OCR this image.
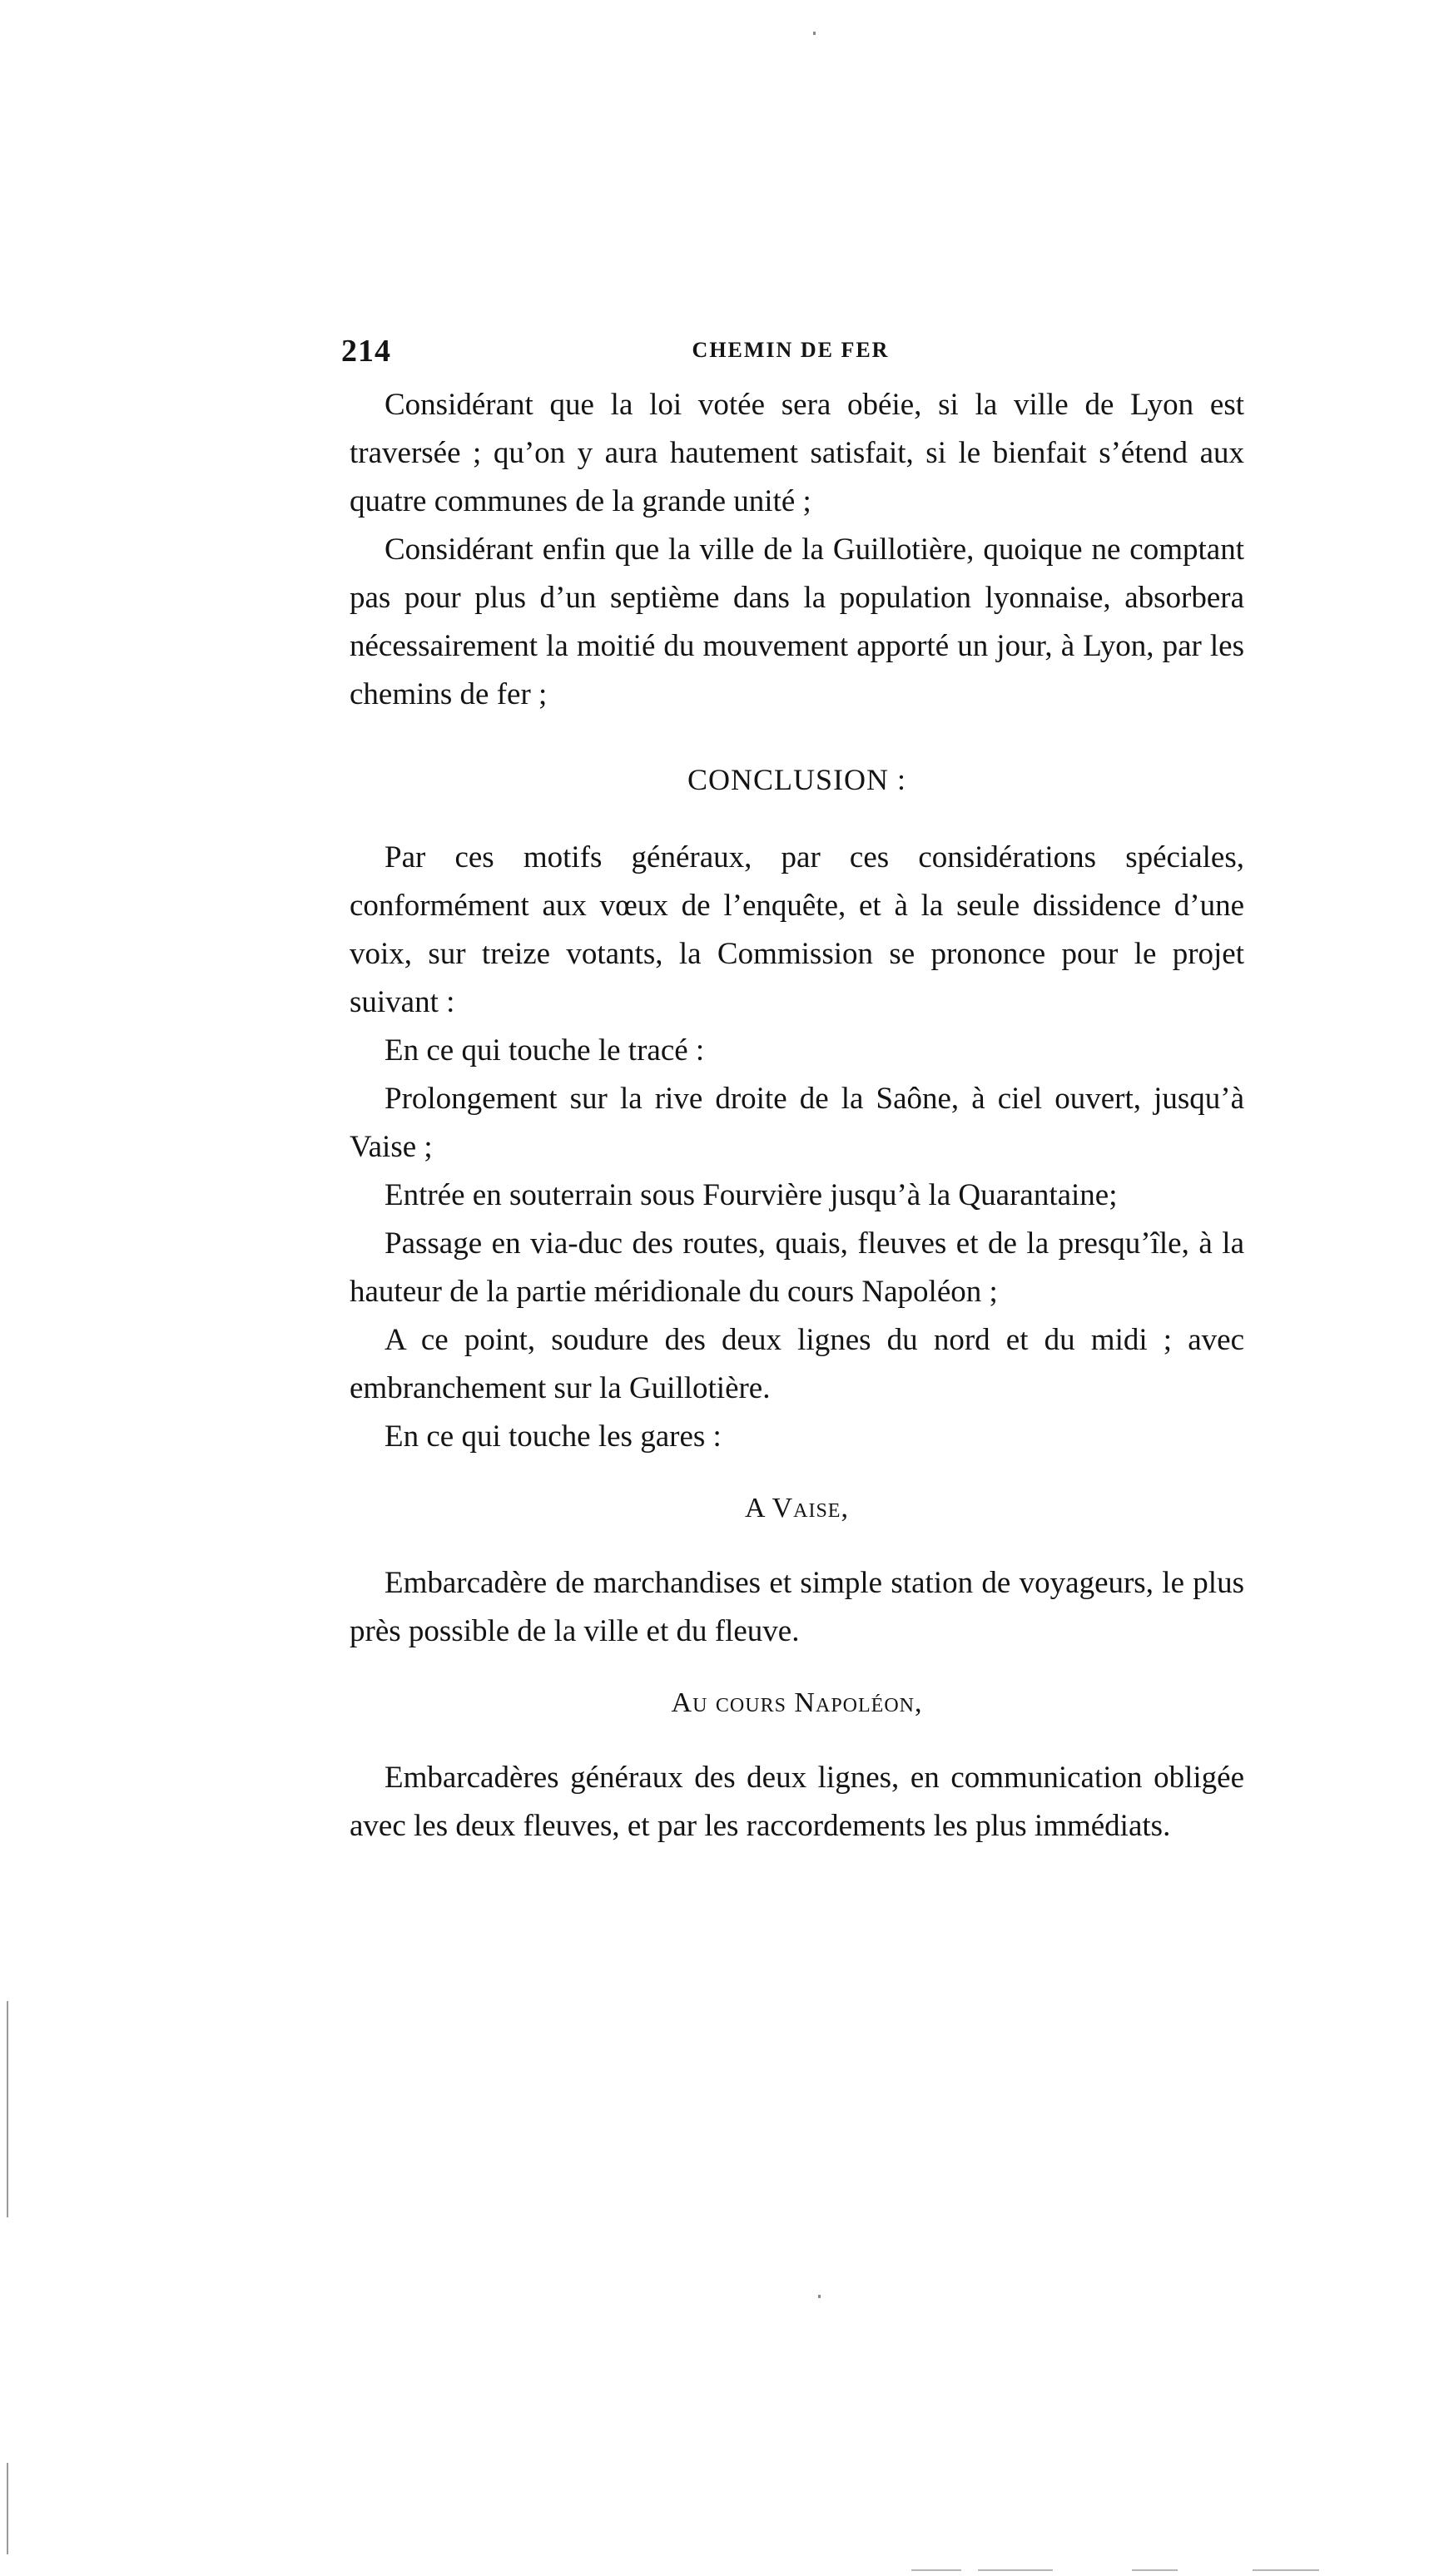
214	CHEMIN DE FER

Considérant que la loi votée sera obéie, si la ville de Lyon est traversée ; qu’on y aura hautement satisfait, si le bienfait s’étend aux quatre communes de la grande unité ;

Considérant enfin que la ville de la Guillotière, quoique ne comptant pas pour plus d’un septième dans la population lyonnaise, absorbera nécessairement la moitié du mouvement apporté un jour, à Lyon, par les chemins de fer ;

CONCLUSION :

Par ces motifs généraux, par ces considérations spéciales, conformément aux vœux de l’enquête, et à la seule dissidence d’une voix, sur treize votants, la Commission se prononce pour le projet suivant :

En ce qui touche le tracé :

Prolongement sur la rive droite de la Saône, à ciel ouvert, jusqu’à Vaise ;

Entrée en souterrain sous Fourvière jusqu’à la Quarantaine;

Passage en via-duc des routes, quais, fleuves et de la presqu’île, à la hauteur de la partie méridionale du cours Napoléon ;

A ce point, soudure des deux lignes du nord et du midi ; avec embranchement sur la Guillotière.

En ce qui touche les gares :

A Vaise,

Embarcadère de marchandises et simple station de voyageurs, le plus près possible de la ville et du fleuve.

Au cours Napoléon,

Embarcadères généraux des deux lignes, en communication obligée avec les deux fleuves, et par les raccordements les plus immédiats.
